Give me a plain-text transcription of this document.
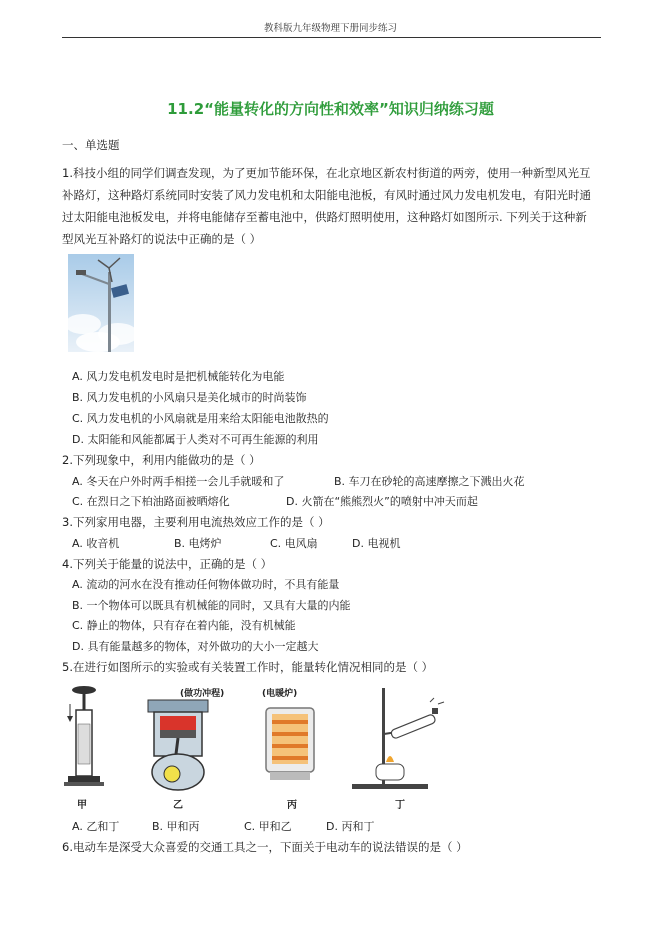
教科版九年级物理下册同步练习
11.2“能量转化的方向性和效率”知识归纳练习题
一、单选题
1.科技小组的同学们调查发现，为了更加节能环保，在北京地区新农村街道的两旁，使用一种新型风光互
补路灯，这种路灯系统同时安装了风力发电机和太阳能电池板，有风时通过风力发电机发电，有阳光时通
过太阳能电池板发电，并将电能储存至蓄电池中，供路灯照明使用，这种路灯如图所示. 下列关于这种新
型风光互补路灯的说法中正确的是（ ）
A. 风力发电机发电时是把机械能转化为电能
B. 风力发电机的小风扇只是美化城市的时尚装饰
C. 风力发电机的小风扇就是用来给太阳能电池散热的
D. 太阳能和风能都属于人类对不可再生能源的利用
2.下列现象中，利用内能做功的是（ ）
A. 冬天在户外时两手相搓一会儿手就暖和了	B. 车刀在砂轮的高速摩擦之下溅出火花
C. 在烈日之下柏油路面被晒熔化	D. 火箭在“熊熊烈火”的喷射中冲天而起
3.下列家用电器，主要利用电流热效应工作的是（ ）
A. 收音机	B. 电烤炉	C. 电风扇	D. 电视机
4.下列关于能量的说法中，正确的是（ ）
A. 流动的河水在没有推动任何物体做功时，不具有能量
B. 一个物体可以既具有机械能的同时，又具有大量的内能
C. 静止的物体，只有存在着内能，没有机械能
D. 具有能量越多的物体，对外做功的大小一定越大
5.在进行如图所示的实验或有关装置工作时，能量转化情况相同的是（ ）
甲
(做功冲程)
乙
(电暖炉)
丙	丁
A. 乙和丁	B. 甲和丙	C. 甲和乙	D. 丙和丁
6.电动车是深受大众喜爱的交通工具之一，下面关于电动车的说法错误的是（ ）
